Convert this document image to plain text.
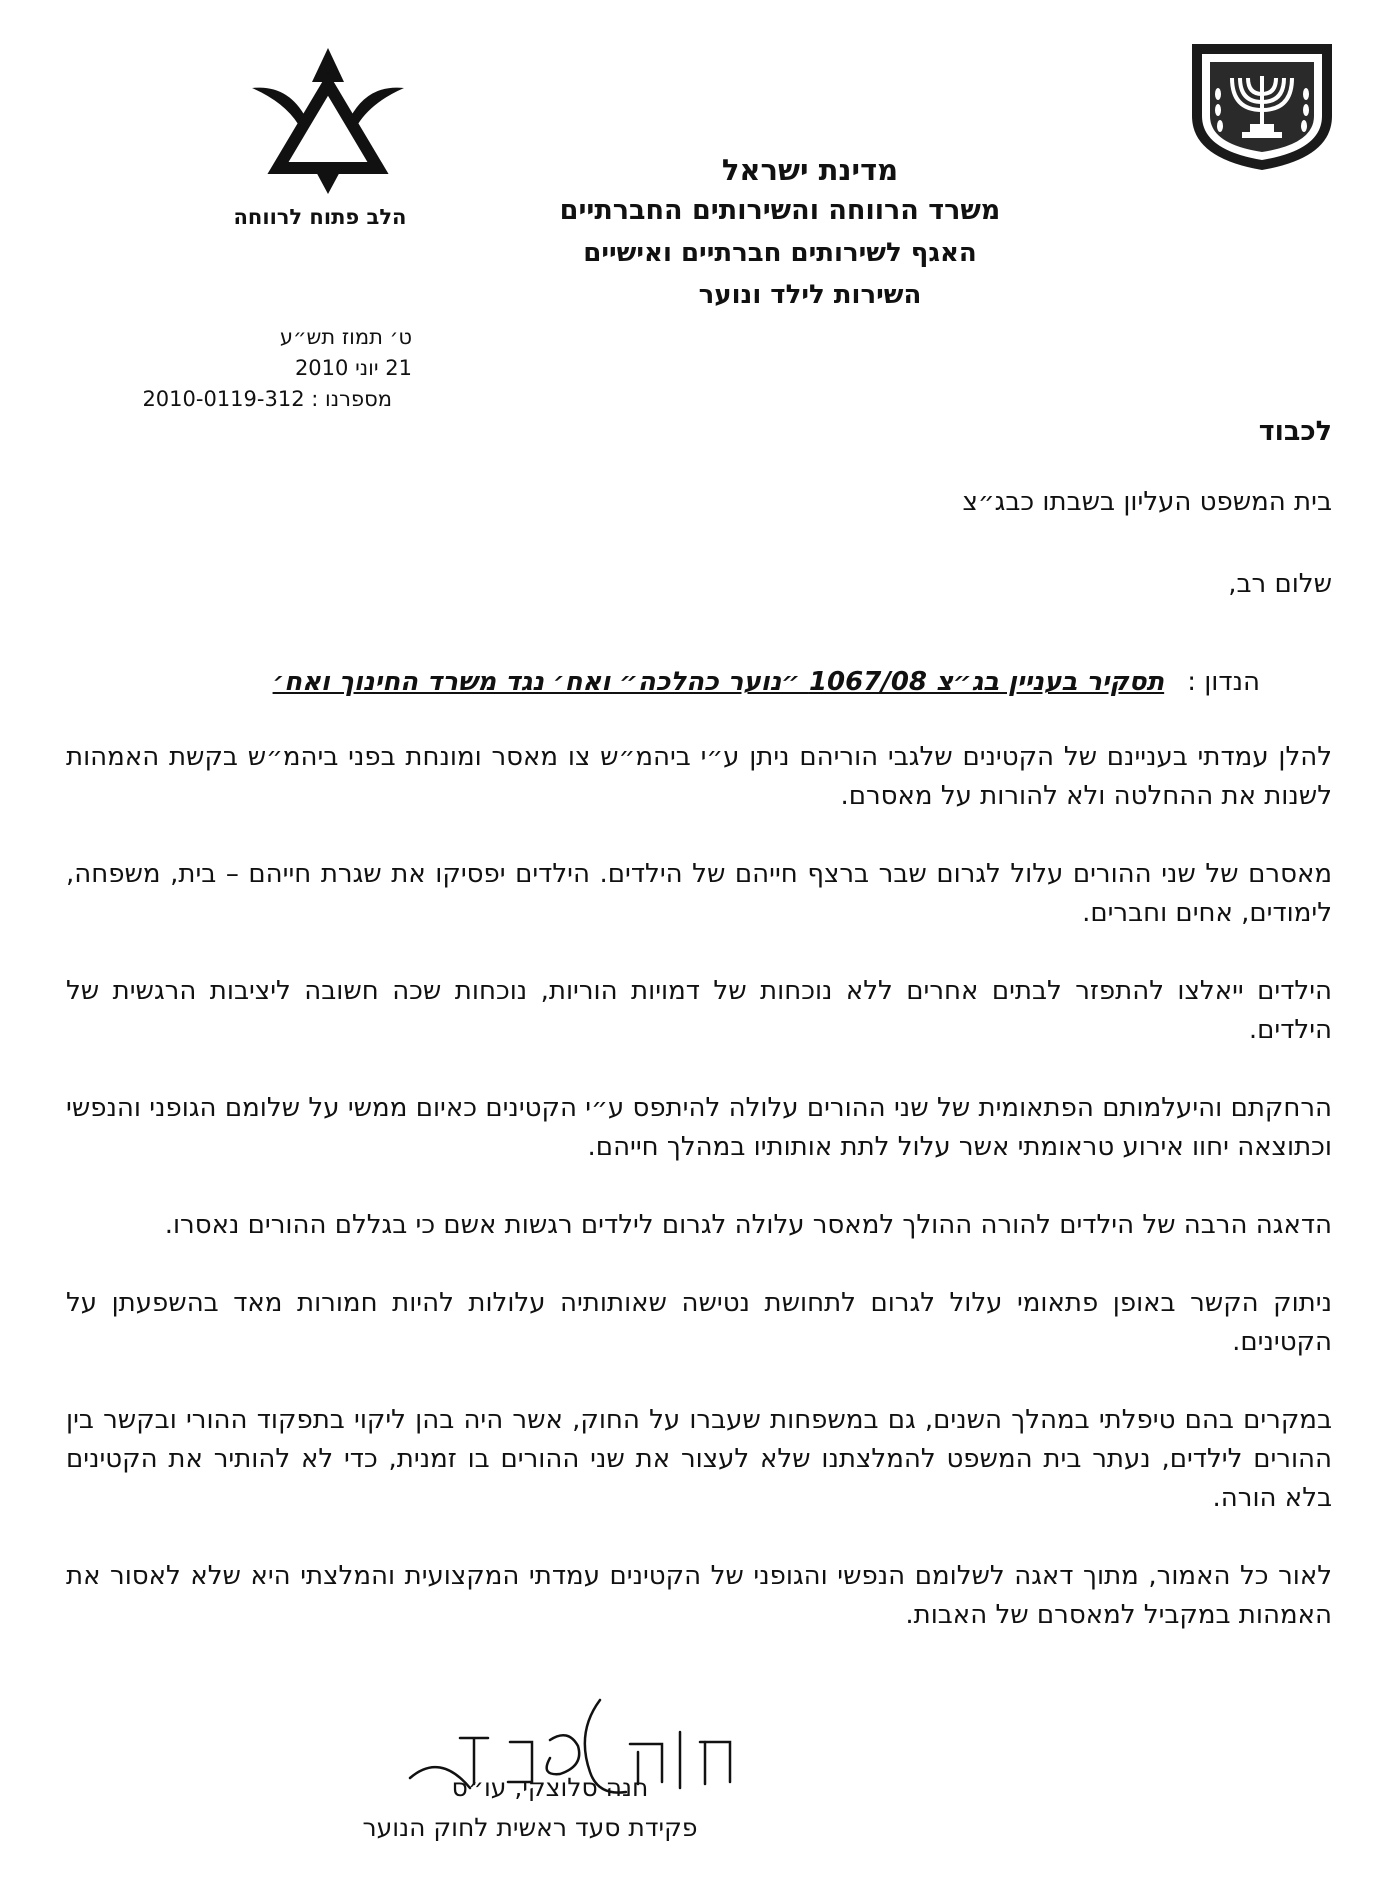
הלב פתוח לרווחה
מדינת ישראל
משרד הרווחה והשירותים החברתיים
האגף לשירותים חברתיים ואישיים
השירות לילד ונוער
ט׳ תמוז תש״ע
21 יוני 2010
מספרנו : 2010-0119-312
לכבוד
בית המשפט העליון בשבתו כבג״צ
שלום רב,
הנדון : תסקיר בעניין בג״צ 1067/08 ״נוער כהלכה״ ואח׳ נגד משרד החינוך ואח׳

להלן עמדתי בעניינם של הקטינים שלגבי הוריהם ניתן ע״י ביהמ״ש צו מאסר ומונחת בפני ביהמ״ש בקשת האמהות לשנות את ההחלטה ולא להורות על מאסרם.

מאסרם של שני ההורים עלול לגרום שבר ברצף חייהם של הילדים. הילדים יפסיקו את שגרת חייהם – בית, משפחה, לימודים, אחים וחברים.

הילדים ייאלצו להתפזר לבתים אחרים ללא נוכחות של דמויות הוריות, נוכחות שכה חשובה ליציבות הרגשית של הילדים.

הרחקתם והיעלמותם הפתאומית של שני ההורים עלולה להיתפס ע״י הקטינים כאיום ממשי על שלומם הגופני והנפשי וכתוצאה יחוו אירוע טראומתי אשר עלול לתת אותותיו במהלך חייהם.

הדאגה הרבה של הילדים להורה ההולך למאסר עלולה לגרום לילדים רגשות אשם כי בגללם ההורים נאסרו.

ניתוק הקשר באופן פתאומי עלול לגרום לתחושת נטישה שאותותיה עלולות להיות חמורות מאד בהשפעתן על הקטינים.

במקרים בהם טיפלתי במהלך השנים, גם במשפחות שעברו על החוק, אשר היה בהן ליקוי בתפקוד ההורי ובקשר בין ההורים לילדים, נעתר בית המשפט להמלצתנו שלא לעצור את שני ההורים בו זמנית, כדי לא להותיר את הקטינים בלא הורה.

לאור כל האמור, מתוך דאגה לשלומם הנפשי והגופני של הקטינים עמדתי המקצועית והמלצתי היא שלא לאסור את האמהות במקביל למאסרם של האבות.

חנה סלוצקי, עו״ס
פקידת סעד ראשית לחוק הנוער
